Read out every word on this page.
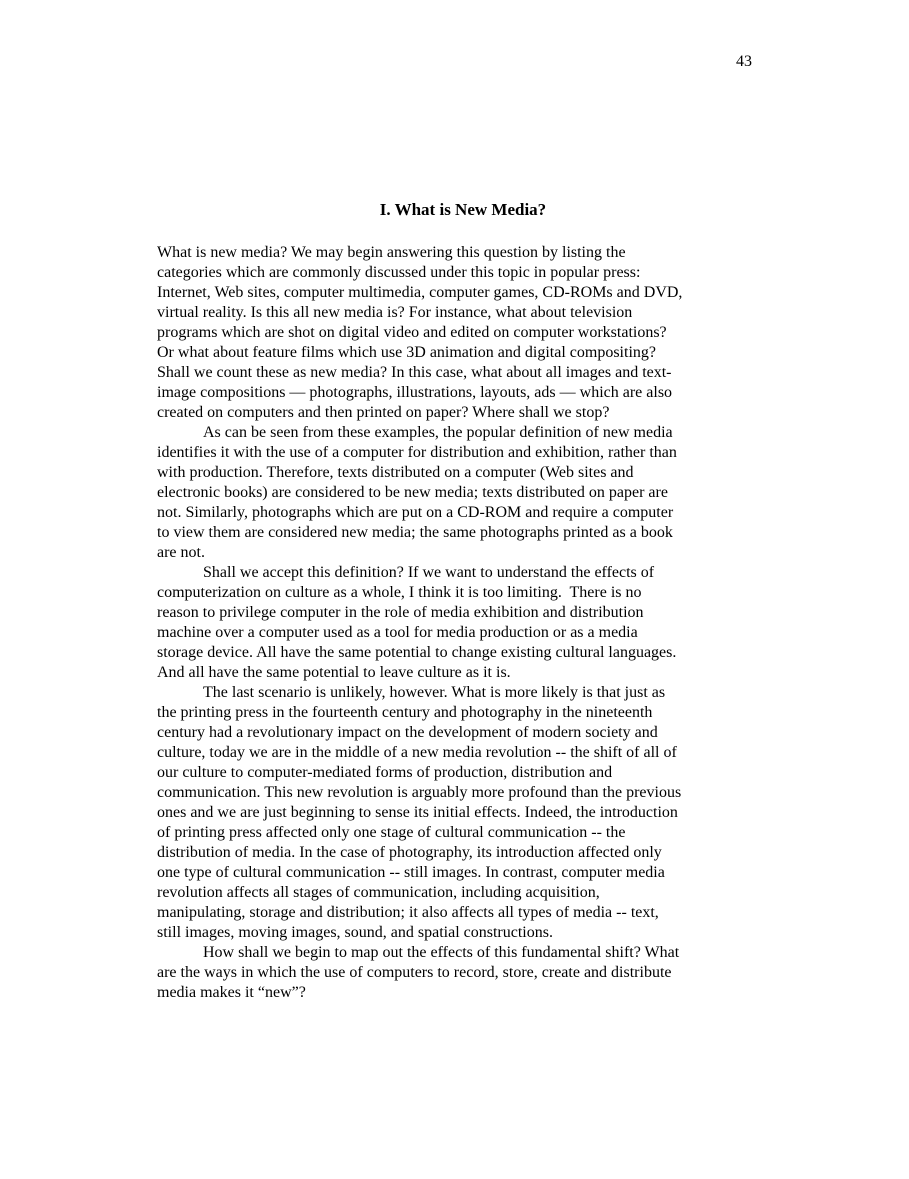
43
I. What is New Media?
What is new media? We may begin answering this question by listing the
categories which are commonly discussed under this topic in popular press:
Internet, Web sites, computer multimedia, computer games, CD-ROMs and DVD,
virtual reality. Is this all new media is? For instance, what about television
programs which are shot on digital video and edited on computer workstations?
Or what about feature films which use 3D animation and digital compositing?
Shall we count these as new media? In this case, what about all images and text-
image compositions — photographs, illustrations, layouts, ads — which are also
created on computers and then printed on paper? Where shall we stop?
As can be seen from these examples, the popular definition of new media
identifies it with the use of a computer for distribution and exhibition, rather than
with production. Therefore, texts distributed on a computer (Web sites and
electronic books) are considered to be new media; texts distributed on paper are
not. Similarly, photographs which are put on a CD-ROM and require a computer
to view them are considered new media; the same photographs printed as a book
are not.
Shall we accept this definition? If we want to understand the effects of
computerization on culture as a whole, I think it is too limiting.  There is no
reason to privilege computer in the role of media exhibition and distribution
machine over a computer used as a tool for media production or as a media
storage device. All have the same potential to change existing cultural languages.
And all have the same potential to leave culture as it is.
The last scenario is unlikely, however. What is more likely is that just as
the printing press in the fourteenth century and photography in the nineteenth
century had a revolutionary impact on the development of modern society and
culture, today we are in the middle of a new media revolution -- the shift of all of
our culture to computer-mediated forms of production, distribution and
communication. This new revolution is arguably more profound than the previous
ones and we are just beginning to sense its initial effects. Indeed, the introduction
of printing press affected only one stage of cultural communication -- the
distribution of media. In the case of photography, its introduction affected only
one type of cultural communication -- still images. In contrast, computer media
revolution affects all stages of communication, including acquisition,
manipulating, storage and distribution; it also affects all types of media -- text,
still images, moving images, sound, and spatial constructions.
How shall we begin to map out the effects of this fundamental shift? What
are the ways in which the use of computers to record, store, create and distribute
media makes it “new”?
